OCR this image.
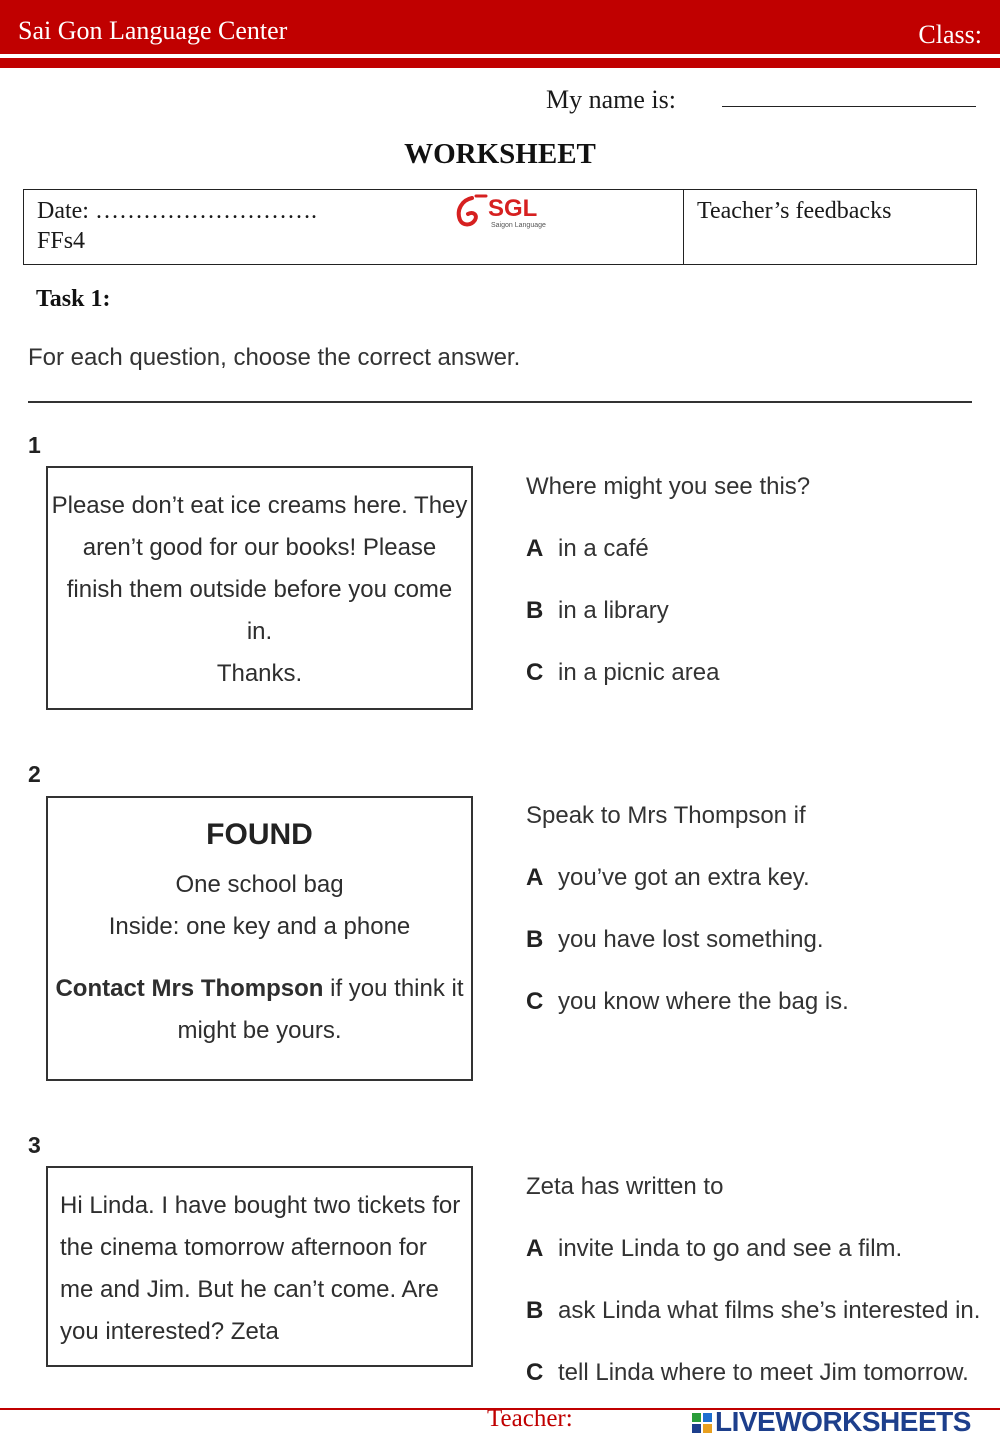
Sai Gon Language Center	Class:
My name is:
WORKSHEET
Date: ……………………….
FFs4
SGL
Saigon Language
Teacher’s feedbacks
Task 1:
For each question, choose the correct answer.
1
Please don’t eat ice creams here. They
aren’t good for our books! Please
finish them outside before you come
in.
Thanks.
Where might you see this?
A in a café
B in a library
C in a picnic area
2
FOUND
One school bag
Inside: one key and a phone
Contact Mrs Thompson if you think it
might be yours.
Speak to Mrs Thompson if
A you’ve got an extra key.
B you have lost something.
C you know where the bag is.
3
Hi Linda. I have bought two tickets for
the cinema tomorrow afternoon for
me and Jim. But he can’t come. Are
you interested? Zeta
Zeta has written to
A invite Linda to go and see a film.
B ask Linda what films she’s interested in.
C tell Linda where to meet Jim tomorrow.
Teacher:	LIVEWORKSHEETS
